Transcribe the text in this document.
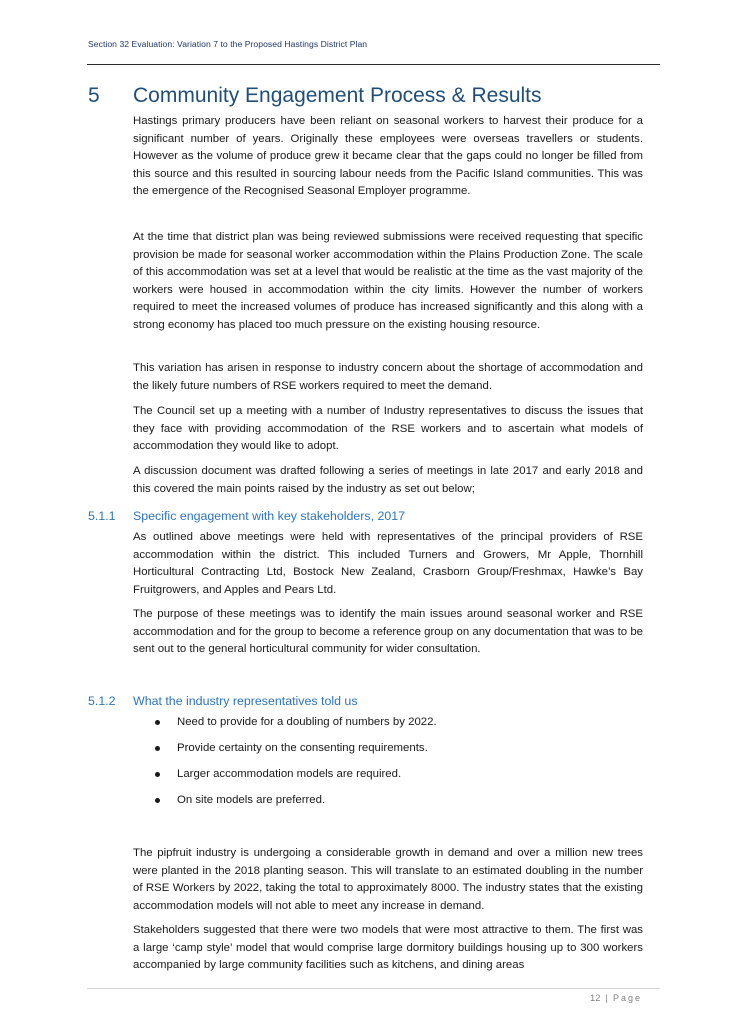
Section 32 Evaluation: Variation 7 to the Proposed Hastings District Plan
5 Community Engagement Process & Results

Hastings primary producers have been reliant on seasonal workers to harvest their produce for a significant number of years. Originally these employees were overseas travellers or students. However as the volume of produce grew it became clear that the gaps could no longer be filled from this source and this resulted in sourcing labour needs from the Pacific Island communities. This was the emergence of the Recognised Seasonal Employer programme.

At the time that district plan was being reviewed submissions were received requesting that specific provision be made for seasonal worker accommodation within the Plains Production Zone. The scale of this accommodation was set at a level that would be realistic at the time as the vast majority of the workers were housed in accommodation within the city limits. However the number of workers required to meet the increased volumes of produce has increased significantly and this along with a strong economy has placed too much pressure on the existing housing resource.

This variation has arisen in response to industry concern about the shortage of accommodation and the likely future numbers of RSE workers required to meet the demand.

The Council set up a meeting with a number of Industry representatives to discuss the issues that they face with providing accommodation of the RSE workers and to ascertain what models of accommodation they would like to adopt.

A discussion document was drafted following a series of meetings in late 2017 and early 2018 and this covered the main points raised by the industry as set out below;

5.1.1 Specific engagement with key stakeholders, 2017

As outlined above meetings were held with representatives of the principal providers of RSE accommodation within the district. This included Turners and Growers, Mr Apple, Thornhill Horticultural Contracting Ltd, Bostock New Zealand, Crasborn Group/Freshmax, Hawke’s Bay Fruitgrowers, and Apples and Pears Ltd.

The purpose of these meetings was to identify the main issues around seasonal worker and RSE accommodation and for the group to become a reference group on any documentation that was to be sent out to the general horticultural community for wider consultation.

5.1.2 What the industry representatives told us
Need to provide for a doubling of numbers by 2022.
Provide certainty on the consenting requirements.
Larger accommodation models are required.
On site models are preferred.

The pipfruit industry is undergoing a considerable growth in demand and over a million new trees were planted in the 2018 planting season. This will translate to an estimated doubling in the number of RSE Workers by 2022, taking the total to approximately 8000. The industry states that the existing accommodation models will not able to meet any increase in demand.

Stakeholders suggested that there were two models that were most attractive to them. The first was a large ‘camp style’ model that would comprise large dormitory buildings housing up to 300 workers accompanied by large community facilities such as kitchens, and dining areas

12 | Page
